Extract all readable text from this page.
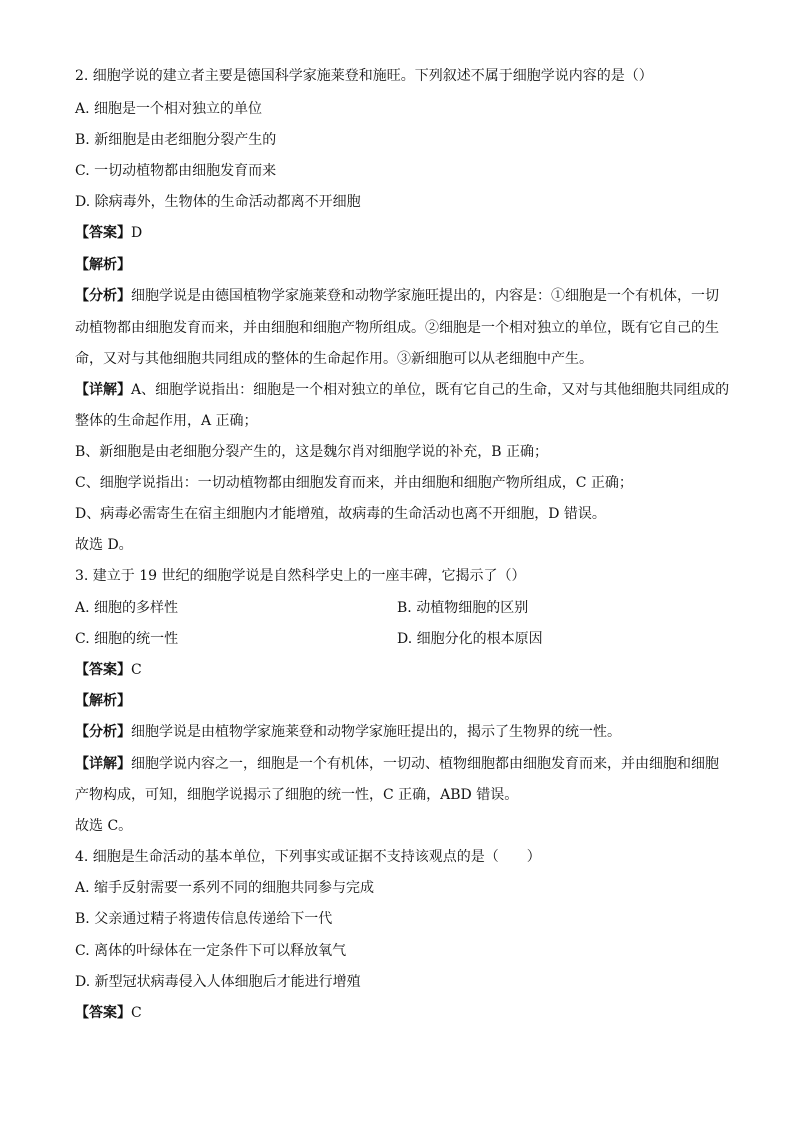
2. 细胞学说的建立者主要是德国科学家施莱登和施旺。下列叙述不属于细胞学说内容的是（）
A. 细胞是一个相对独立的单位
B. 新细胞是由老细胞分裂产生的
C. 一切动植物都由细胞发育而来
D. 除病毒外，生物体的生命活动都离不开细胞
【答案】D
【解析】
【分析】细胞学说是由德国植物学家施莱登和动物学家施旺提出的，内容是：①细胞是一个有机体，一切
动植物都由细胞发育而来，并由细胞和细胞产物所组成。②细胞是一个相对独立的单位，既有它自己的生
命，又对与其他细胞共同组成的整体的生命起作用。③新细胞可以从老细胞中产生。
【详解】A、细胞学说指出：细胞是一个相对独立的单位，既有它自己的生命，又对与其他细胞共同组成的
整体的生命起作用，A 正确；
B、新细胞是由老细胞分裂产生的，这是魏尔肖对细胞学说的补充，B 正确；
C、细胞学说指出：一切动植物都由细胞发育而来，并由细胞和细胞产物所组成，C 正确；
D、病毒必需寄生在宿主细胞内才能增殖，故病毒的生命活动也离不开细胞，D 错误。
故选 D。
3. 建立于 19 世纪的细胞学说是自然科学史上的一座丰碑，它揭示了（）
A. 细胞的多样性	B. 动植物细胞的区别
C. 细胞的统一性	D. 细胞分化的根本原因
【答案】C
【解析】
【分析】细胞学说是由植物学家施莱登和动物学家施旺提出的，揭示了生物界的统一性。
【详解】细胞学说内容之一，细胞是一个有机体，一切动、植物细胞都由细胞发育而来，并由细胞和细胞
产物构成，可知，细胞学说揭示了细胞的统一性，C 正确，ABD 错误。
故选 C。
4. 细胞是生命活动的基本单位，下列事实或证据不支持该观点的是（　　）
A. 缩手反射需要一系列不同的细胞共同参与完成
B. 父亲通过精子将遗传信息传递给下一代
C. 离体的叶绿体在一定条件下可以释放氧气
D. 新型冠状病毒侵入人体细胞后才能进行增殖
【答案】C
